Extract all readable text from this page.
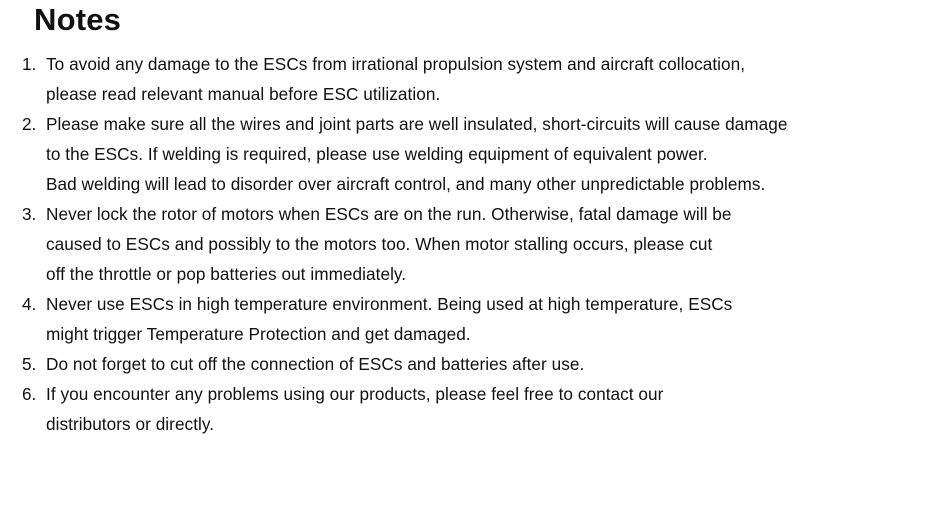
Notes
1. To avoid any damage to the ESCs from irrational propulsion system and aircraft collocation,
please read relevant manual before ESC utilization.
2. Please make sure all the wires and joint parts are well insulated, short-circuits will cause damage
to the ESCs. If welding is required, please use welding equipment of equivalent power.
Bad welding will lead to disorder over aircraft control, and many other unpredictable problems.
3. Never lock the rotor of motors when ESCs are on the run. Otherwise, fatal damage will be
caused to ESCs and possibly to the motors too. When motor stalling occurs, please cut
off the throttle or pop batteries out immediately.
4. Never use ESCs in high temperature environment. Being used at high temperature, ESCs
might trigger Temperature Protection and get damaged.
5. Do not forget to cut off the connection of ESCs and batteries after use.
6. If you encounter any problems using our products, please feel free to contact our
distributors or directly.
